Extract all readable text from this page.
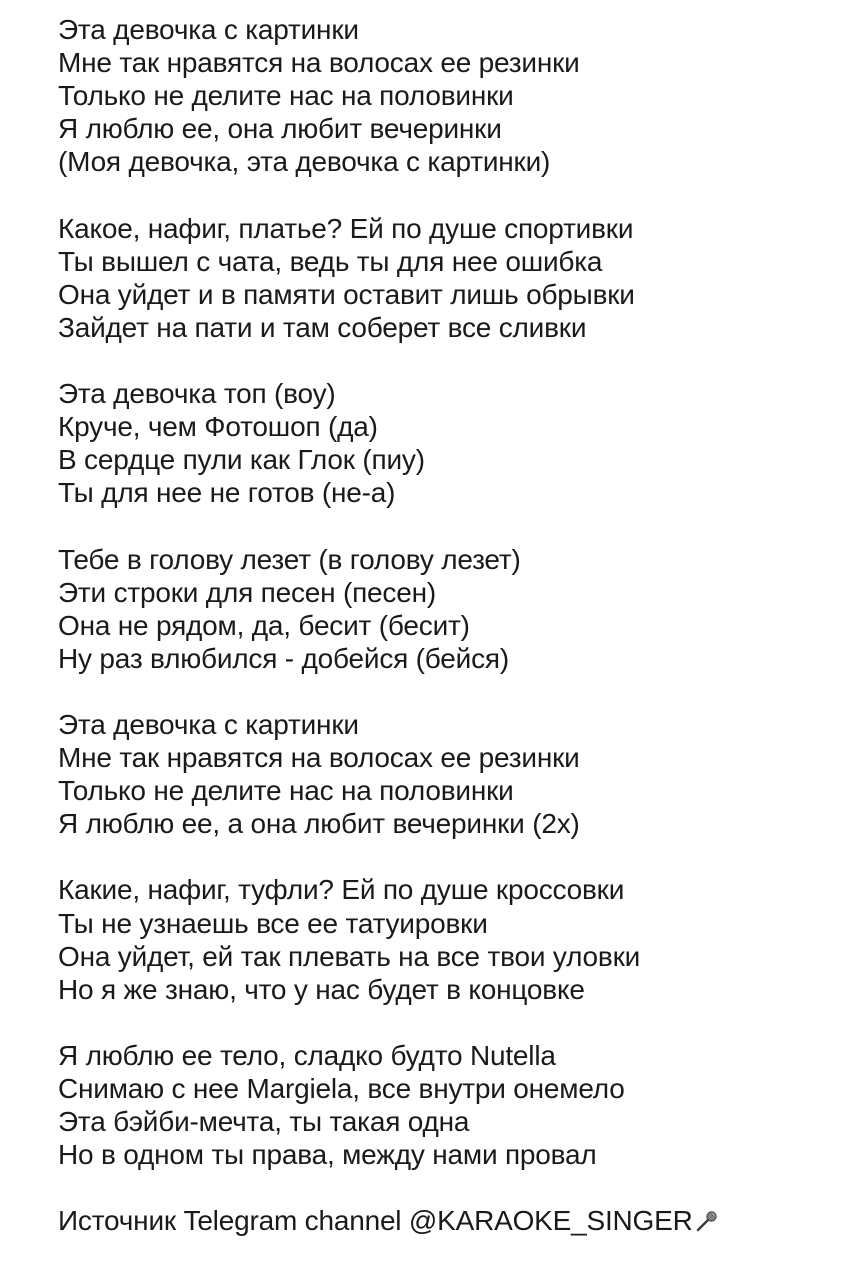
Эта девочка с картинки
Мне так нравятся на волосах ее резинки
Только не делите нас на половинки
Я люблю ее, она любит вечеринки
(Моя девочка, эта девочка с картинки)
Какое, нафиг, платье? Ей по душе спортивки
Ты вышел с чата, ведь ты для нее ошибка
Она уйдет и в памяти оставит лишь обрывки
Зайдет на пати и там соберет все сливки
Эта девочка топ (воу)
Круче, чем Фотошоп (да)
В сердце пули как Глок (пиу)
Ты для нее не готов (не-а)
Тебе в голову лезет (в голову лезет)
Эти строки для песен (песен)
Она не рядом, да, бесит (бесит)
Ну раз влюбился - добейся (бейся)
Эта девочка с картинки
Мне так нравятся на волосах ее резинки
Только не делите нас на половинки
Я люблю ее, а она любит вечеринки (2х)
Какие, нафиг, туфли? Ей по душе кроссовки
Ты не узнаешь все ее татуировки
Она уйдет, ей так плевать на все твои уловки
Но я же знаю, что у нас будет в концовке
Я люблю ее тело, сладко будто Nutella
Снимаю с нее Margiela, все внутри онемело
Эта бэйби-мечта, ты такая одна
Но в одном ты права, между нами провал
Источник Telegram channel @KARAOKE_SINGER
